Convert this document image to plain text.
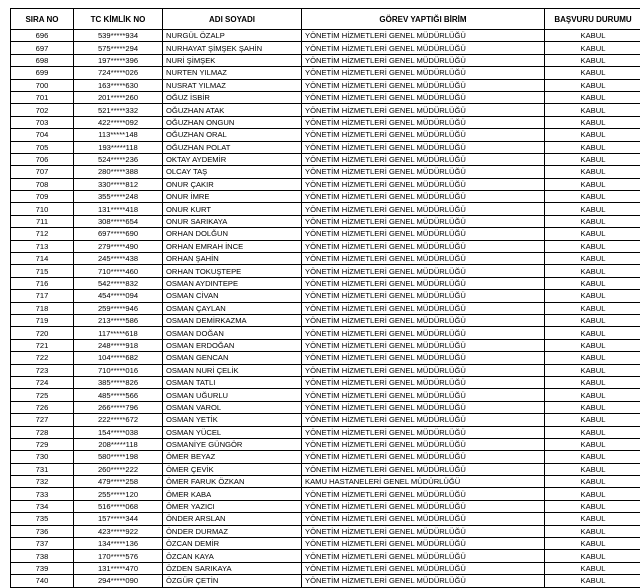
SIRA NO	TC KİMLİK NO	ADI SOYADI	GÖREV YAPTIĞI BİRİM	BAŞVURU DURUMU
696	539*****934	NURGÜL ÖZALP	YÖNETİM HİZMETLERİ GENEL MÜDÜRLÜĞÜ	KABUL
697	575*****294	NURHAYAT ŞİMŞEK ŞAHİN	YÖNETİM HİZMETLERİ GENEL MÜDÜRLÜĞÜ	KABUL
698	197*****396	NURİ ŞİMŞEK	YÖNETİM HİZMETLERİ GENEL MÜDÜRLÜĞÜ	KABUL
699	724*****026	NURTEN YILMAZ	YÖNETİM HİZMETLERİ GENEL MÜDÜRLÜĞÜ	KABUL
700	163*****630	NUSRAT YILMAZ	YÖNETİM HİZMETLERİ GENEL MÜDÜRLÜĞÜ	KABUL
701	201*****260	OĞUZ İSBİR	YÖNETİM HİZMETLERİ GENEL MÜDÜRLÜĞÜ	KABUL
702	521*****332	OĞUZHAN ATAK	YÖNETİM HİZMETLERİ GENEL MÜDÜRLÜĞÜ	KABUL
703	422*****092	OĞUZHAN ONGUN	YÖNETİM HİZMETLERİ GENEL MÜDÜRLÜĞÜ	KABUL
704	113*****148	OĞUZHAN ORAL	YÖNETİM HİZMETLERİ GENEL MÜDÜRLÜĞÜ	KABUL
705	193*****118	OĞUZHAN POLAT	YÖNETİM HİZMETLERİ GENEL MÜDÜRLÜĞÜ	KABUL
706	524*****236	OKTAY AYDEMİR	YÖNETİM HİZMETLERİ GENEL MÜDÜRLÜĞÜ	KABUL
707	280*****388	OLCAY TAŞ	YÖNETİM HİZMETLERİ GENEL MÜDÜRLÜĞÜ	KABUL
708	330*****812	ONUR ÇAKIR	YÖNETİM HİZMETLERİ GENEL MÜDÜRLÜĞÜ	KABUL
709	355*****248	ONUR İMRE	YÖNETİM HİZMETLERİ GENEL MÜDÜRLÜĞÜ	KABUL
710	131*****418	ONUR KURT	YÖNETİM HİZMETLERİ GENEL MÜDÜRLÜĞÜ	KABUL
711	308*****654	ONUR SARIKAYA	YÖNETİM HİZMETLERİ GENEL MÜDÜRLÜĞÜ	KABUL
712	697*****690	ORHAN DOLĞUN	YÖNETİM HİZMETLERİ GENEL MÜDÜRLÜĞÜ	KABUL
713	279*****490	ORHAN EMRAH İNCE	YÖNETİM HİZMETLERİ GENEL MÜDÜRLÜĞÜ	KABUL
714	245*****438	ORHAN ŞAHİN	YÖNETİM HİZMETLERİ GENEL MÜDÜRLÜĞÜ	KABUL
715	710*****460	ORHAN TOKUŞTEPE	YÖNETİM HİZMETLERİ GENEL MÜDÜRLÜĞÜ	KABUL
716	542*****832	OSMAN AYDINTEPE	YÖNETİM HİZMETLERİ GENEL MÜDÜRLÜĞÜ	KABUL
717	454*****094	OSMAN CİVAN	YÖNETİM HİZMETLERİ GENEL MÜDÜRLÜĞÜ	KABUL
718	259*****946	OSMAN ÇAYLAN	YÖNETİM HİZMETLERİ GENEL MÜDÜRLÜĞÜ	KABUL
719	213*****586	OSMAN DEMİRKAZMA	YÖNETİM HİZMETLERİ GENEL MÜDÜRLÜĞÜ	KABUL
720	117*****618	OSMAN DOĞAN	YÖNETİM HİZMETLERİ GENEL MÜDÜRLÜĞÜ	KABUL
721	248*****918	OSMAN ERDOĞAN	YÖNETİM HİZMETLERİ GENEL MÜDÜRLÜĞÜ	KABUL
722	104*****682	OSMAN GENCAN	YÖNETİM HİZMETLERİ GENEL MÜDÜRLÜĞÜ	KABUL
723	710*****016	OSMAN NURİ ÇELİK	YÖNETİM HİZMETLERİ GENEL MÜDÜRLÜĞÜ	KABUL
724	385*****826	OSMAN TATLI	YÖNETİM HİZMETLERİ GENEL MÜDÜRLÜĞÜ	KABUL
725	485*****566	OSMAN UĞURLU	YÖNETİM HİZMETLERİ GENEL MÜDÜRLÜĞÜ	KABUL
726	266*****796	OSMAN VAROL	YÖNETİM HİZMETLERİ GENEL MÜDÜRLÜĞÜ	KABUL
727	222*****672	OSMAN YETİK	YÖNETİM HİZMETLERİ GENEL MÜDÜRLÜĞÜ	KABUL
728	154*****038	OSMAN YÜCEL	YÖNETİM HİZMETLERİ GENEL MÜDÜRLÜĞÜ	KABUL
729	208*****118	OSMANİYE GÜNGÖR	YÖNETİM HİZMETLERİ GENEL MÜDÜRLÜĞÜ	KABUL
730	580*****198	ÖMER BEYAZ	YÖNETİM HİZMETLERİ GENEL MÜDÜRLÜĞÜ	KABUL
731	260*****222	ÖMER ÇEVİK	YÖNETİM HİZMETLERİ GENEL MÜDÜRLÜĞÜ	KABUL
732	479*****258	ÖMER FARUK ÖZKAN	KAMU HASTANELERİ GENEL MÜDÜRLÜĞÜ	KABUL
733	255*****120	ÖMER KABA	YÖNETİM HİZMETLERİ GENEL MÜDÜRLÜĞÜ	KABUL
734	516*****068	ÖMER YAZICI	YÖNETİM HİZMETLERİ GENEL MÜDÜRLÜĞÜ	KABUL
735	157*****344	ÖNDER ARSLAN	YÖNETİM HİZMETLERİ GENEL MÜDÜRLÜĞÜ	KABUL
736	423*****922	ÖNDER DURMAZ	YÖNETİM HİZMETLERİ GENEL MÜDÜRLÜĞÜ	KABUL
737	134*****136	ÖZCAN DEMİR	YÖNETİM HİZMETLERİ GENEL MÜDÜRLÜĞÜ	KABUL
738	170*****576	ÖZCAN KAYA	YÖNETİM HİZMETLERİ GENEL MÜDÜRLÜĞÜ	KABUL
739	131*****470	ÖZDEN SARIKAYA	YÖNETİM HİZMETLERİ GENEL MÜDÜRLÜĞÜ	KABUL
740	294*****090	ÖZGÜR ÇETİN	YÖNETİM HİZMETLERİ GENEL MÜDÜRLÜĞÜ	KABUL
